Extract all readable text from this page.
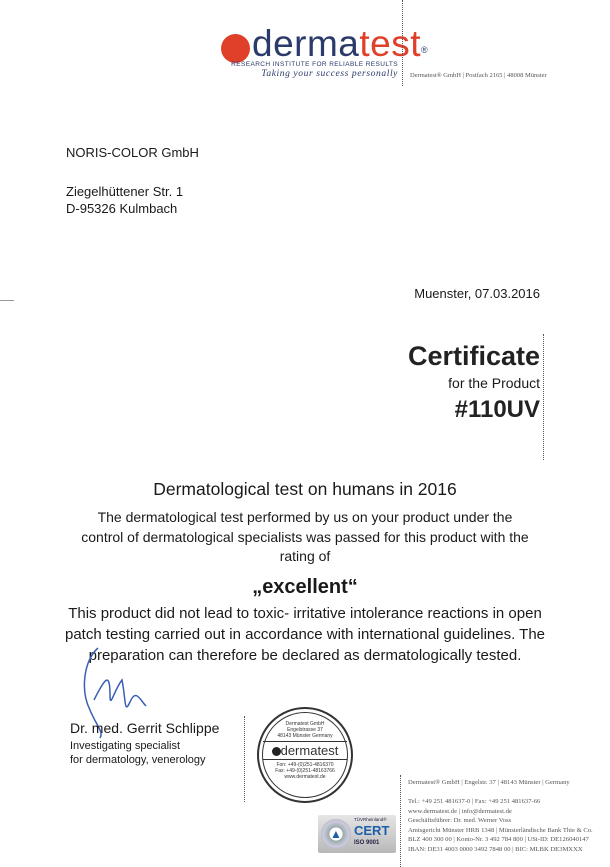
dermatest®
RESEARCH INSTITUTE FOR RELIABLE RESULTS
Taking your success personally Dermatest® GmbH | Postfach 2165 | 48008 Münster
NORIS-COLOR GmbH
Ziegelhüttener Str. 1
D-95326 Kulmbach
Muenster, 07.03.2016
Certificate
for the Product
#110UV
Dermatological test on humans in 2016
The dermatological test performed by us on your product under the
control of dermatological specialists was passed for this product with the
rating of
„excellent“
This product did not lead to toxic- irritative intolerance reactions in open
patch testing carried out in accordance with international guidelines. The
preparation can therefore be declared as dermatologically tested.
Dr. med. Gerrit Schlippe
Investigating specialist
for dermatology, venerology
Dermatest GmbH
Engelstrasse 37
48143 Münster Germany
dermatest
Fon: +49-(0)251-4816370
Fax: +49-(0)251-48163766
www.dermatest.de
▲
TÜVRheinland®
CERT
ISO 9001
Dermatest® GmbH | Engelstr. 37 | 48143 Münster | Germany
Tel.: +49 251 481637-0 | Fax: +49 251 481637-66
www.dermatest.de | info@dermatest.de
Geschäftsführer: Dr. med. Werner Voss
Amtsgericht Münster HRB 1348 | Münsterländische Bank Thie & Co.
BLZ 400 300 00 | Konto-Nr. 3 492 784 800 | USt-ID: DE126040147
IBAN: DE31 4003 0000 3492 7848 00 | BIC: MLBK DE3MXXX
